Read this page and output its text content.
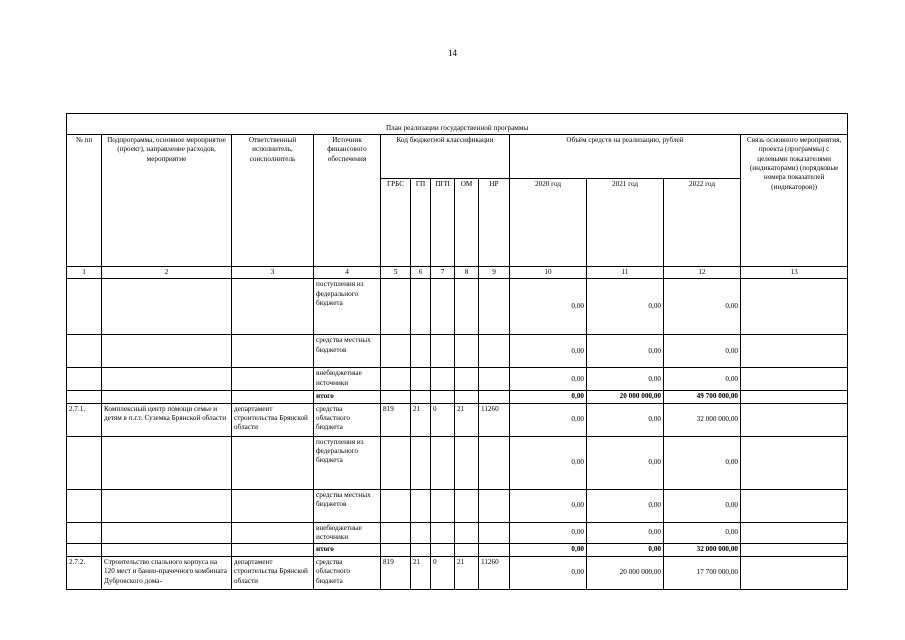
14
План реализации государственной программы												
№ пп	Подпрограмма, основное мероприятие (проект), направление расходов, мероприятие	Ответственный исполнитель, соисполнитель	Источник финансового обеспечения	Код бюджетной классификации					Объём средств на реализацию, рублей			Связь основного мероприятия, проекта (программы) с целевыми показателями (индикаторами) (порядковые номера показателей (индикаторов))
				ГРБС	ГП	ПГП	ОМ	НР	2020 год	2021 год	2022 год	
1	2	3	4	5	6	7	8	9	10	11	12	13
			поступления из федерального бюджета						0,00	0,00	0,00	
			средства местных бюджетов						0,00	0,00	0,00	
			внебюджетные источники						0,00	0,00	0,00	
			итого						0,00	20 000 000,00	49 700 000,00	
2.7.1.	Комплексный центр помощи семье и детям в п.г.т. Суземка Брянской области	департамент строительства Брянской области	средства областного бюджета	819	21	0	21	11260	0,00	0,00	32 000 000,00	
			поступления из федерального бюджета						0,00	0,00	0,00	
			средства местных бюджетов						0,00	0,00	0,00	
			внебюджетные источники						0,00	0,00	0,00	
			итого						0,00	0,00	32 000 000,00	
2.7.2.	Строительство спального корпуса на 120 мест и банно-прачечного комбината Дубровского дома-	департамент строительства Брянской области	средства областного бюджета	819	21	0	21	11260	0,00	20 000 000,00	17 700 000,00	
